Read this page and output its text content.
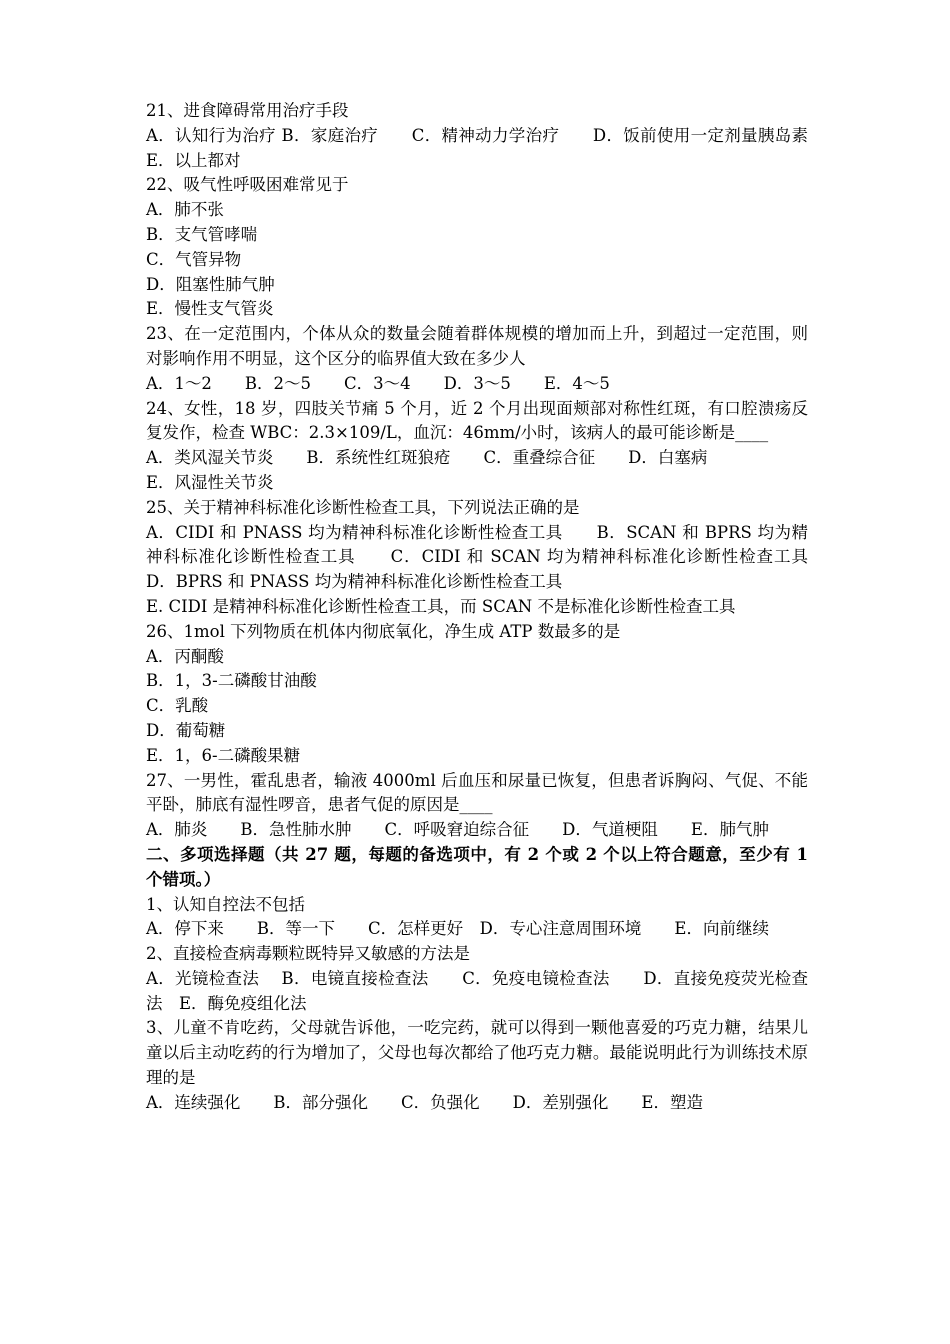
21、进食障碍常用治疗手段

A．认知行为治疗 B．家庭治疗　　C．精神动力学治疗　　D．饭前使用一定剂量胰岛素　　E．以上都对

22、吸气性呼吸困难常见于

A．肺不张

B．支气管哮喘

C．气管异物

D．阻塞性肺气肿

E．慢性支气管炎

23、在一定范围内，个体从众的数量会随着群体规模的增加而上升，到超过一定范围，则对影响作用不明显，这个区分的临界值大致在多少人

A．1～2　　B．2～5　　C．3～4　　D．3～5　　E．4～5

24、女性，18 岁，四肢关节痛 5 个月，近 2 个月出现面颊部对称性红斑，有口腔溃疡反复发作，检查 WBC：2.3×109/L，血沉：46mm/小时，该病人的最可能诊断是____

A．类风湿关节炎　　B．系统性红斑狼疮　　C．重叠综合征　　D．白塞病

E．风湿性关节炎

25、关于精神科标准化诊断性检查工具，下列说法正确的是

A．CIDI 和 PNASS 均为精神科标准化诊断性检查工具　　B．SCAN 和 BPRS 均为精神科标准化诊断性检查工具　　C．CIDI 和 SCAN 均为精神科标准化诊断性检查工具　　D．BPRS 和 PNASS 均为精神科标准化诊断性检查工具

E. CIDI 是精神科标准化诊断性检查工具，而 SCAN 不是标准化诊断性检查工具

26、1mol 下列物质在机体内彻底氧化，净生成 ATP 数最多的是

A．丙酮酸

B．1，3-二磷酸甘油酸

C．乳酸

D．葡萄糖

E．1，6-二磷酸果糖

27、一男性，霍乱患者，输液 4000ml 后血压和尿量已恢复，但患者诉胸闷、气促、不能平卧，肺底有湿性啰音，患者气促的原因是____

A．肺炎　　B．急性肺水肿　　C．呼吸窘迫综合征　　D．气道梗阻　　E．肺气肿

二、多项选择题（共 27 题，每题的备选项中，有 2 个或 2 个以上符合题意，至少有 1 个错项。）

1、认知自控法不包括

A．停下来　　B．等一下　　C．怎样更好　D．专心注意周围环境　　E．向前继续

2、直接检查病毒颗粒既特异又敏感的方法是

A．光镜检查法　 B．电镜直接检查法　　C．免疫电镜检查法　　D．直接免疫荧光检查法　E．酶免疫组化法

3、儿童不肯吃药，父母就告诉他，一吃完药，就可以得到一颗他喜爱的巧克力糖，结果儿童以后主动吃药的行为增加了，父母也每次都给了他巧克力糖。最能说明此行为训练技术原理的是

A．连续强化　　B．部分强化　　C．负强化　　D．差别强化　　E．塑造
